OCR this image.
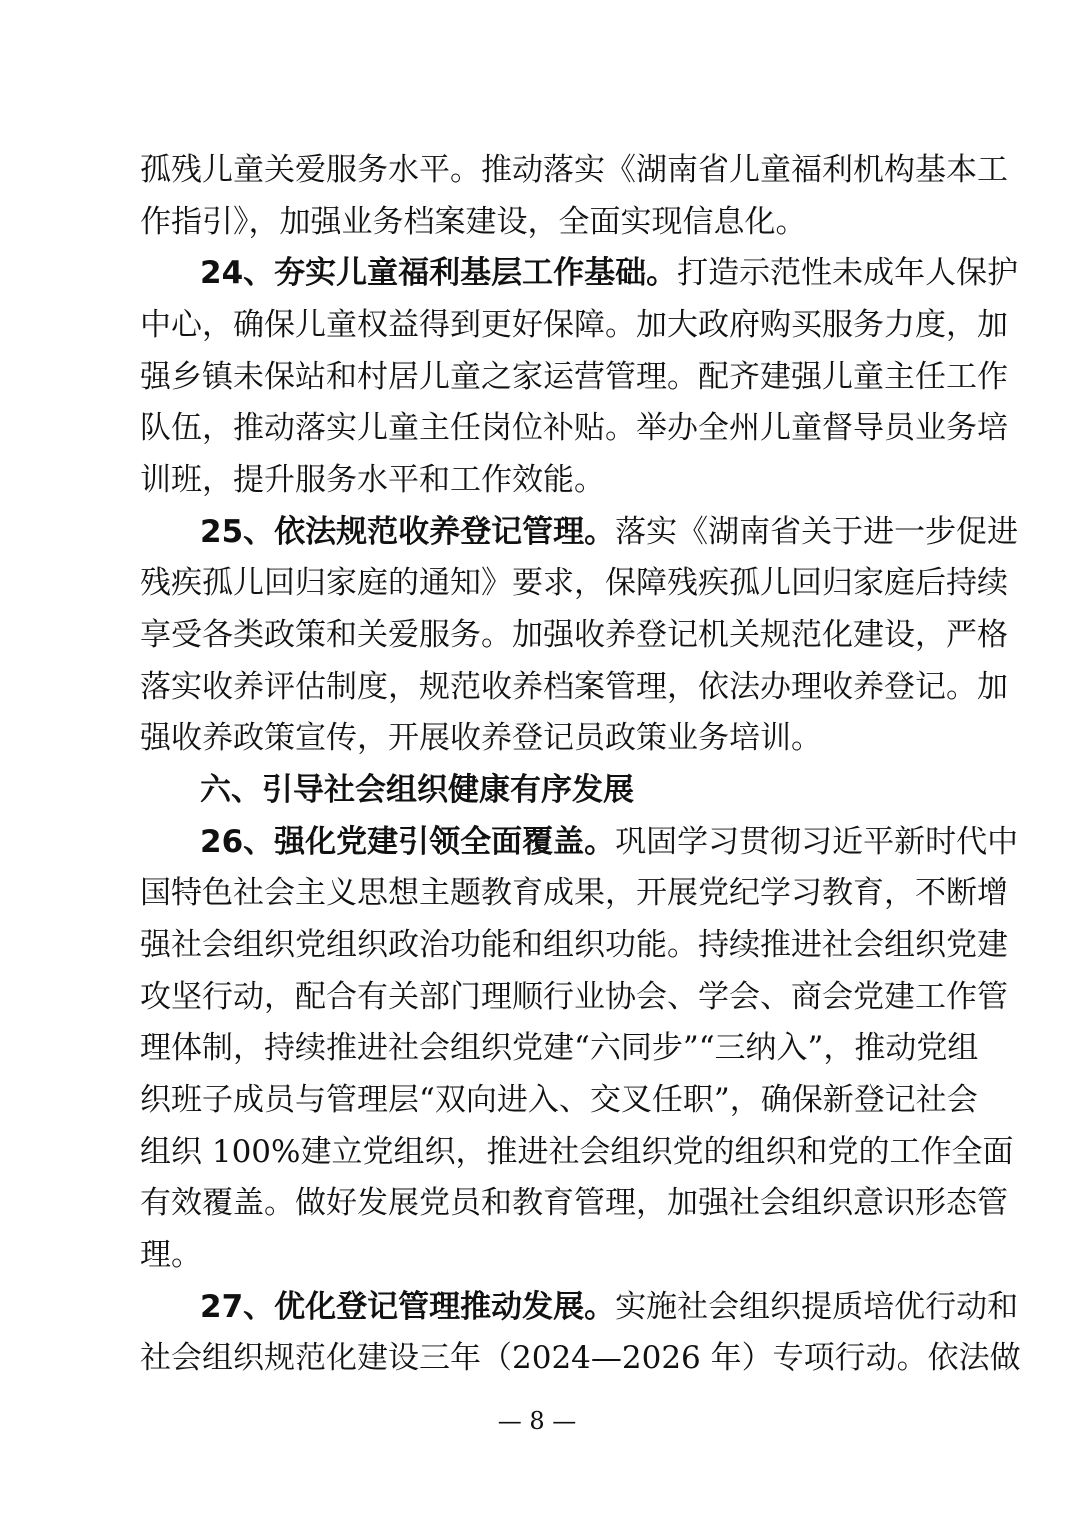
孤残儿童关爱服务水平。推动落实《湖南省儿童福利机构基本工
作指引》，加强业务档案建设，全面实现信息化。
24、夯实儿童福利基层工作基础。打造示范性未成年人保护
中心，确保儿童权益得到更好保障。加大政府购买服务力度，加
强乡镇未保站和村居儿童之家运营管理。配齐建强儿童主任工作
队伍，推动落实儿童主任岗位补贴。举办全州儿童督导员业务培
训班，提升服务水平和工作效能。
25、依法规范收养登记管理。落实《湖南省关于进一步促进
残疾孤儿回归家庭的通知》要求，保障残疾孤儿回归家庭后持续
享受各类政策和关爱服务。加强收养登记机关规范化建设，严格
落实收养评估制度，规范收养档案管理，依法办理收养登记。加
强收养政策宣传，开展收养登记员政策业务培训。
六、引导社会组织健康有序发展
26、强化党建引领全面覆盖。巩固学习贯彻习近平新时代中
国特色社会主义思想主题教育成果，开展党纪学习教育，不断增
强社会组织党组织政治功能和组织功能。持续推进社会组织党建
攻坚行动，配合有关部门理顺行业协会、学会、商会党建工作管
理体制，持续推进社会组织党建“六同步”“三纳入”，推动党组
织班子成员与管理层“双向进入、交叉任职”，确保新登记社会
组织 100%建立党组织，推进社会组织党的组织和党的工作全面
有效覆盖。做好发展党员和教育管理，加强社会组织意识形态管
理。
27、优化登记管理推动发展。实施社会组织提质培优行动和
社会组织规范化建设三年（2024—2026 年）专项行动。依法做
— 8 —
